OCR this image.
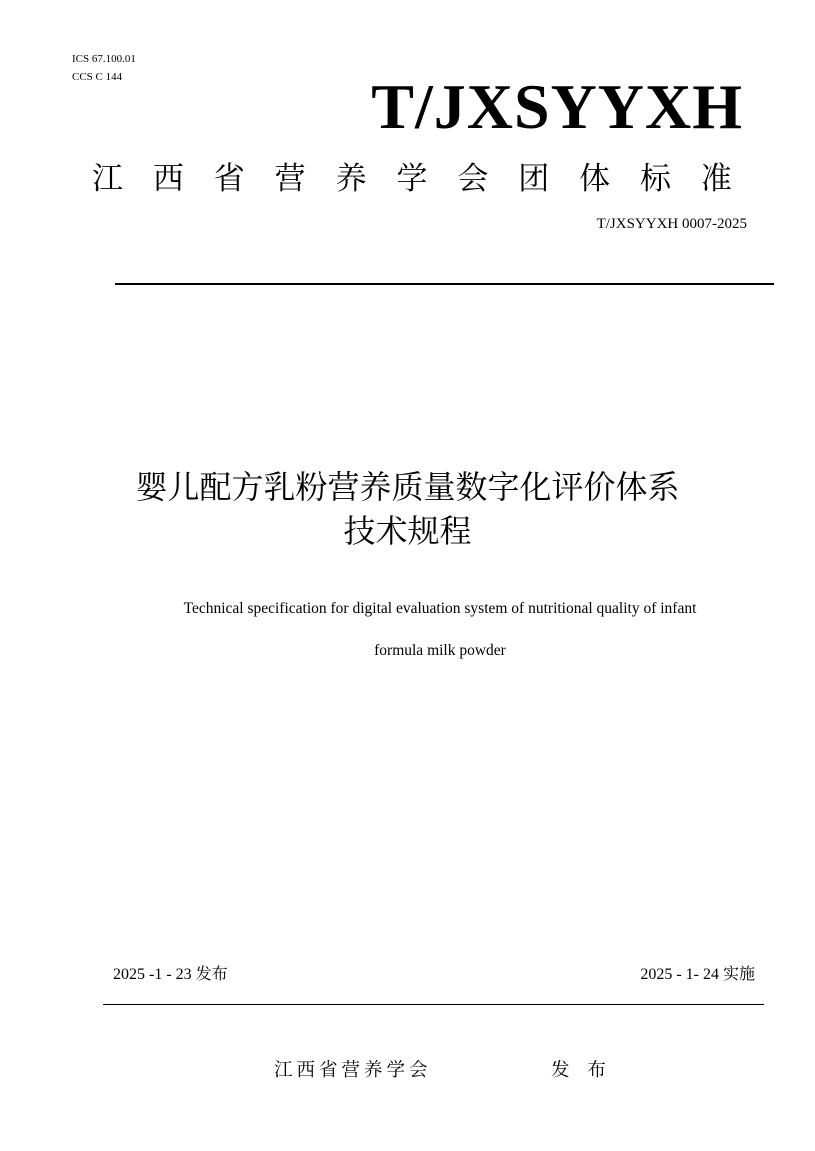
ICS 67.100.01
CCS C 144	T/JXSYYXH
江 西 省 营 养 学 会 团 体 标 准
T/JXSYYXH 0007-2025
婴儿配方乳粉营养质量数字化评价体系
技术规程
Technical specification for digital evaluation system of nutritional quality of infant
formula milk powder
2025 -1 - 23 发布	2025 - 1- 24 实施
江西省营养学会	发 布
